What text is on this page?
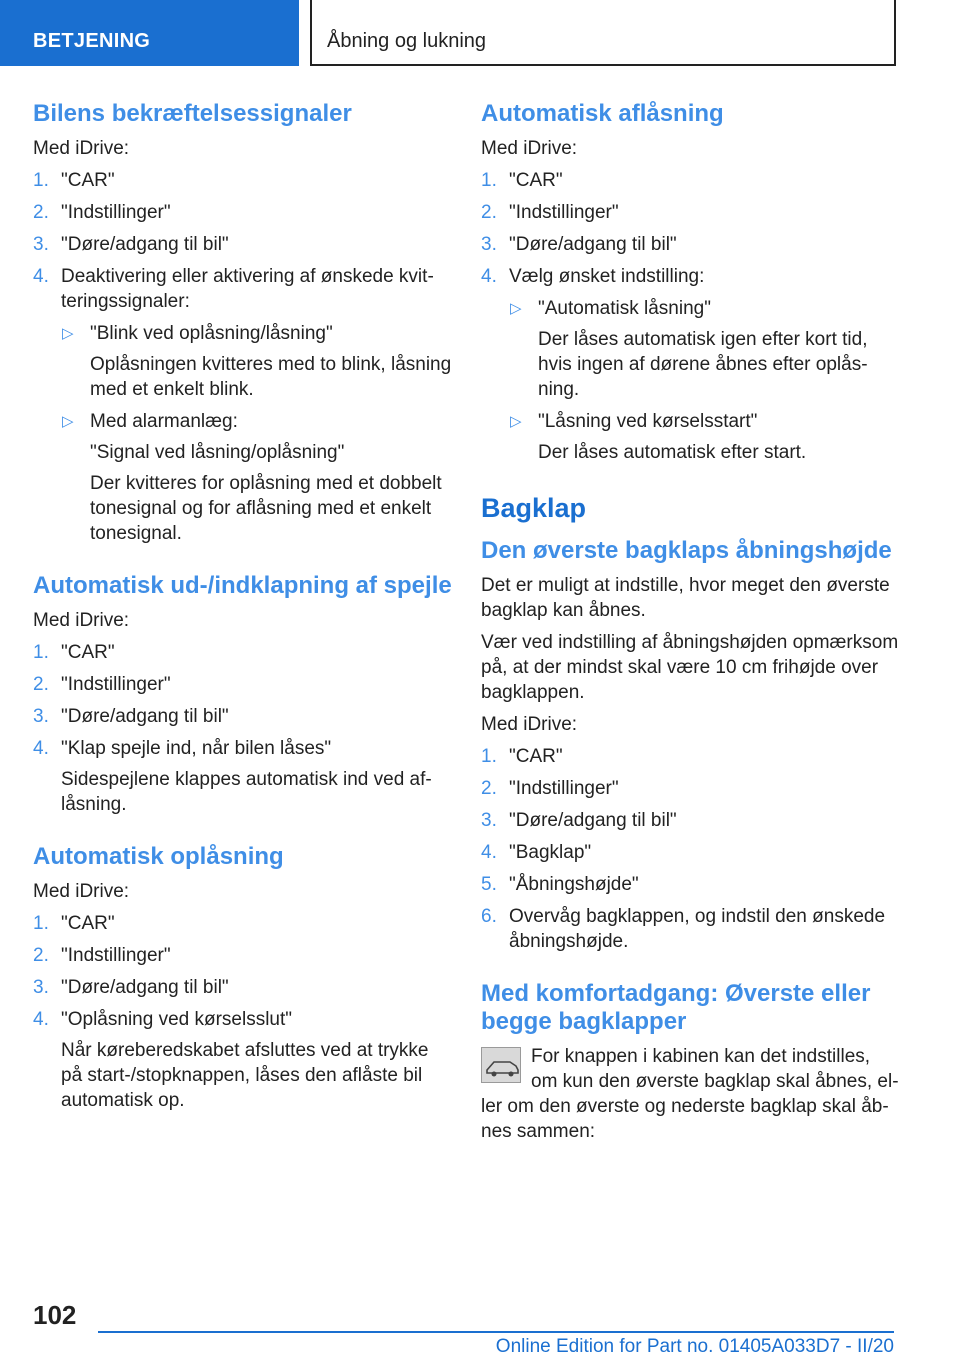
BETJENING	Åbning og lukning
Bilens bekræftelsessignaler
Med iDrive:
1. "CAR"
2. "Indstillinger"
3. "Døre/adgang til bil"
4. Deaktivering eller aktivering af ønskede kvitteringssignaler:
▷ "Blink ved oplåsning/låsning"
Oplåsningen kvitteres med to blink, låsning med et enkelt blink.
▷ Med alarmanlæg:
"Signal ved låsning/oplåsning"
Der kvitteres for oplåsning med et dobbelt tonesignal og for aflåsning med et enkelt tonesignal.
Automatisk ud-/indklapning af spejle
Med iDrive:
1. "CAR"
2. "Indstillinger"
3. "Døre/adgang til bil"
4. "Klap spejle ind, når bilen låses"
Sidespejlene klappes automatisk ind ved aflåsning.
Automatisk oplåsning
Med iDrive:
1. "CAR"
2. "Indstillinger"
3. "Døre/adgang til bil"
4. "Oplåsning ved kørselsslut"
Når køreberedskabet afsluttes ved at trykke på start-/stopknappen, låses den aflåste bil automatisk op.
Automatisk aflåsning
Med iDrive:
1. "CAR"
2. "Indstillinger"
3. "Døre/adgang til bil"
4. Vælg ønsket indstilling:
▷ "Automatisk låsning"
Der låses automatisk igen efter kort tid, hvis ingen af dørene åbnes efter oplåsning.
▷ "Låsning ved kørselsstart"
Der låses automatisk efter start.
Bagklap
Den øverste bagklaps åbningshøjde
Det er muligt at indstille, hvor meget den øverste bagklap kan åbnes.
Vær ved indstilling af åbningshøjden opmærksom på, at der mindst skal være 10 cm frihøjde over bagklappen.
Med iDrive:
1. "CAR"
2. "Indstillinger"
3. "Døre/adgang til bil"
4. "Bagklap"
5. "Åbningshøjde"
6. Overvåg bagklappen, og indstil den ønskede åbningshøjde.
Med komfortadgang: Øverste eller begge bagklapper
For knappen i kabinen kan det indstilles, om kun den øverste bagklap skal åbnes, eller om den øverste og nederste bagklap skal åbnes sammen:
102
Online Edition for Part no. 01405A033D7 - II/20
